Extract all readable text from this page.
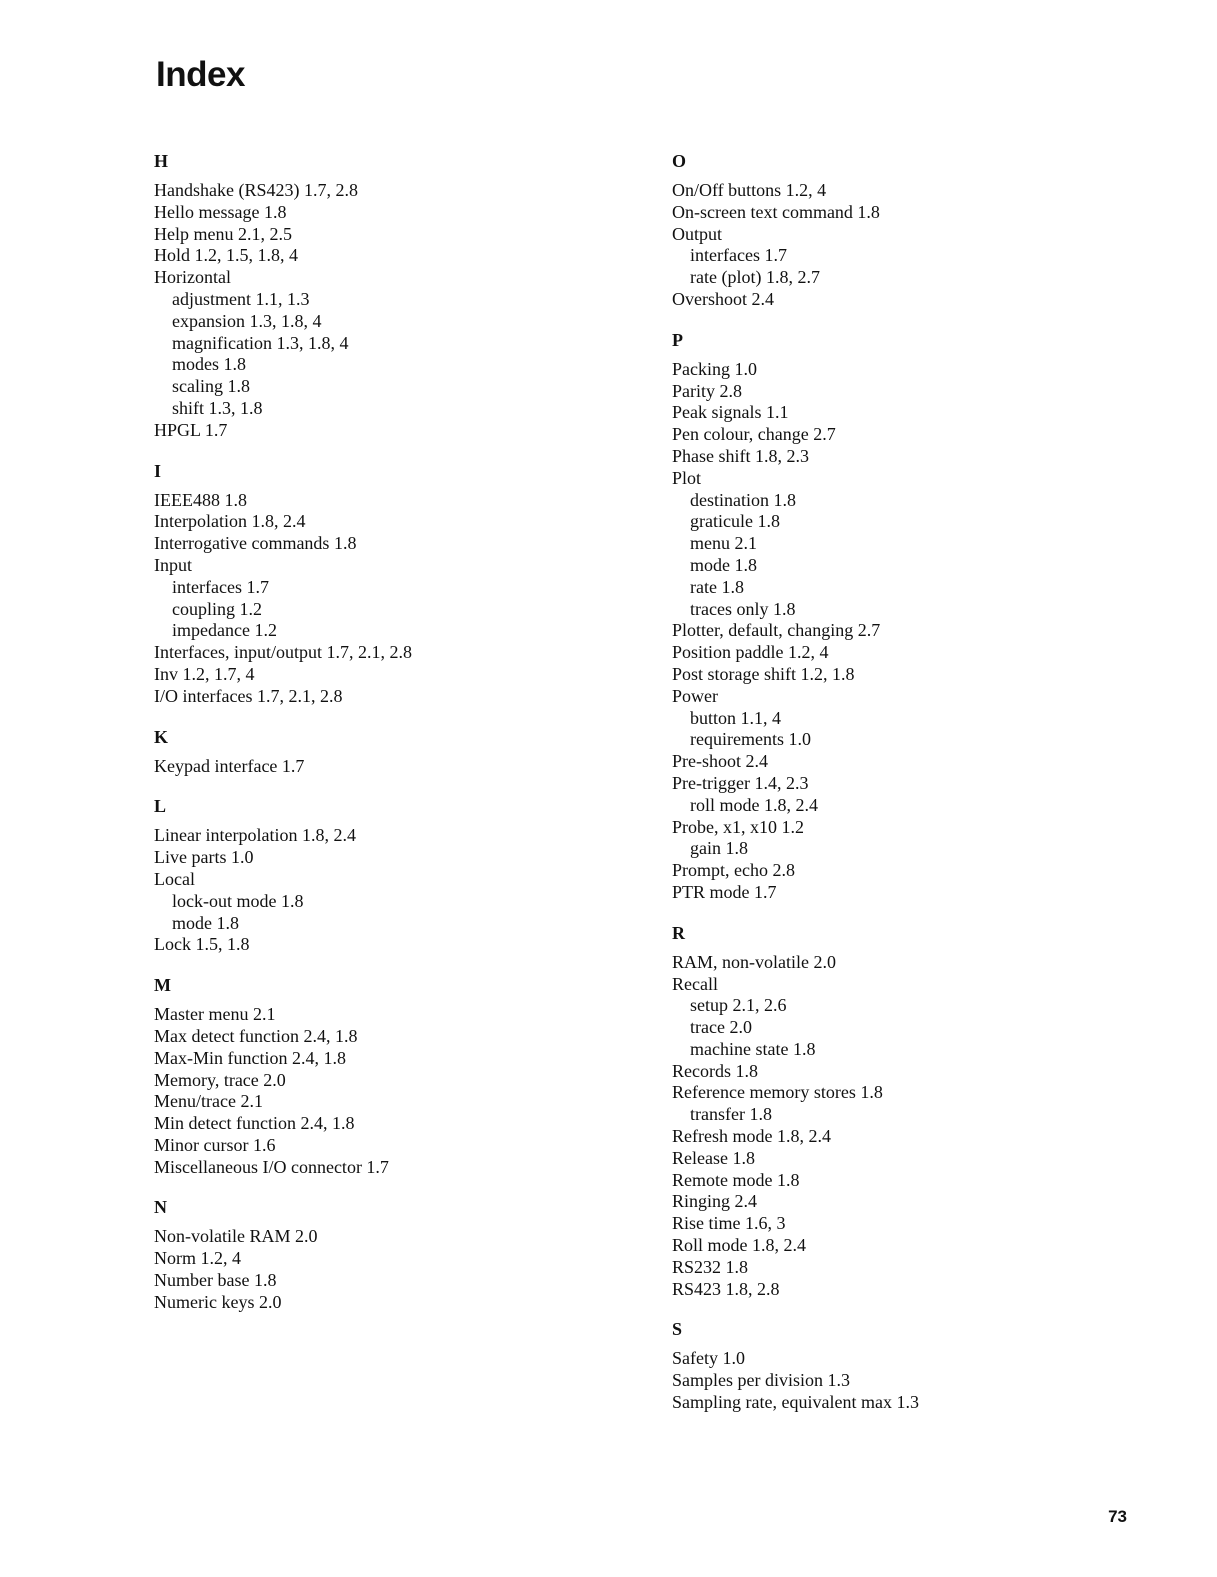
Index
H
Handshake (RS423) 1.7, 2.8
Hello message 1.8
Help menu 2.1, 2.5
Hold 1.2, 1.5, 1.8, 4
Horizontal
adjustment 1.1, 1.3
expansion 1.3, 1.8, 4
magnification 1.3, 1.8, 4
modes 1.8
scaling 1.8
shift 1.3, 1.8
HPGL 1.7
I
IEEE488 1.8
Interpolation 1.8, 2.4
Interrogative commands 1.8
Input
interfaces 1.7
coupling 1.2
impedance 1.2
Interfaces, input/output 1.7, 2.1, 2.8
Inv 1.2, 1.7, 4
I/O interfaces 1.7, 2.1, 2.8
K
Keypad interface 1.7
L
Linear interpolation 1.8, 2.4
Live parts 1.0
Local
lock-out mode 1.8
mode 1.8
Lock 1.5, 1.8
M
Master menu 2.1
Max detect function 2.4, 1.8
Max-Min function 2.4, 1.8
Memory, trace 2.0
Menu/trace 2.1
Min detect function 2.4, 1.8
Minor cursor 1.6
Miscellaneous I/O connector 1.7
N
Non-volatile RAM 2.0
Norm 1.2, 4
Number base 1.8
Numeric keys 2.0
O
On/Off buttons 1.2, 4
On-screen text command 1.8
Output
interfaces 1.7
rate (plot) 1.8, 2.7
Overshoot 2.4
P
Packing 1.0
Parity 2.8
Peak signals 1.1
Pen colour, change 2.7
Phase shift 1.8, 2.3
Plot
destination 1.8
graticule 1.8
menu 2.1
mode 1.8
rate 1.8
traces only 1.8
Plotter, default, changing 2.7
Position paddle 1.2, 4
Post storage shift 1.2, 1.8
Power
button 1.1, 4
requirements 1.0
Pre-shoot 2.4
Pre-trigger 1.4, 2.3
roll mode 1.8, 2.4
Probe, x1, x10 1.2
gain 1.8
Prompt, echo 2.8
PTR mode 1.7
R
RAM, non-volatile 2.0
Recall
setup 2.1, 2.6
trace 2.0
machine state 1.8
Records 1.8
Reference memory stores 1.8
transfer 1.8
Refresh mode 1.8, 2.4
Release 1.8
Remote mode 1.8
Ringing 2.4
Rise time 1.6, 3
Roll mode 1.8, 2.4
RS232 1.8
RS423 1.8, 2.8
S
Safety 1.0
Samples per division 1.3
Sampling rate, equivalent max 1.3
73
